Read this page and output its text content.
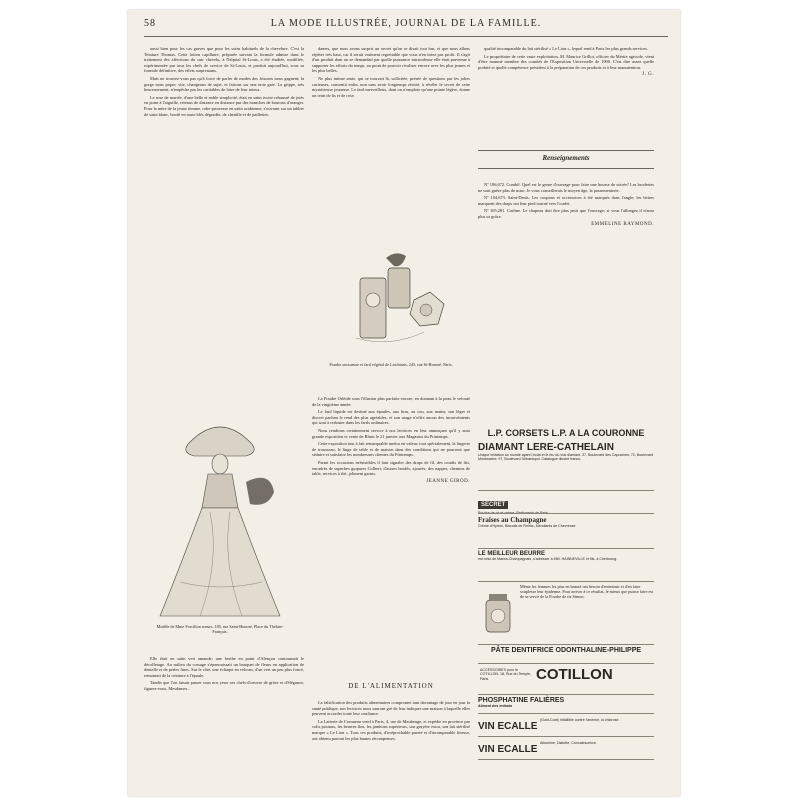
58	LA MODE ILLUSTRÉE, JOURNAL DE LA FAMILLE.

aussi bien pour les cas graves que pour les soins habituels de la chevelure. C'est la Teinture Thomas. Cette lotion capillaire, préparée suivant la formule admise dans le traitement des affections du cuir chevelu, à l'hôpital St-Louis, a été étudiée, modifiée, expérimentée par tous les chefs de service de St-Louis, et produit aujourd'hui, sous sa formule définitive, des effets surprenants.

Mais ne trouvez-vous pas qu'à force de parler de modes des frissons nous gagnent; la gorge nous pique; vite, changeons de sujet, et faisons sur une note gaie. La grippe, très heureusement, n'empêche pas les caritables de faire de leur mieux.

Le rose de mariée, d'une belle et noble simplicité, était en satin ivoire rehaussé de jetés en point à l'aiguille, retenus de distance en distance par des branches de boutons d'oranger. Pour la mère de la jeune femme, robe-princesse en satin acabienne, s'ouvrant sur un tablier de satin blanc, brodé en toute blés dégradés, de chenille et de paillettes.

Modèle de Mme Forcillon soeurs, 185, rue Saint-Honoré, Place du Théâtre-Français.

Elle était en satin vert amande; une berthe en point d'Alençon contournait le décolletage. Au milieu du corsage s'épanouissait un bouquet de fleurs en application de dentelle et de perles fines. Sur le côté, une écharpe en velours, d'un vert un peu plus foncé, remontait de la ceinture à l'épaule.

Tandis que l'on faisait passer sous nos yeux ces chefs-d'oeuvre de grâce et d'élégance, figurez-vous, Mesdames...

dames, que nous avons surpris un secret qu'on se disait tout bas, et que nous allons répéter très haut, car il serait vraiment regrettable que vous n'en tiriez pas profit. Il s'agit d'un produit dont on se demandait par quelle puissance miraculeuse elle était parvenue à supporter les efforts du temps, au point de pouvoir rivaliser encore avec les plus jeunes et les plus belles.

Ne plus intime amie, qui se trouvait là, sollicitée, présée de questions par les jolies curieuses, consentit enfin, non sans avoir longtemps résisté, à révéler le secret de cette mystérieuse jeunesse. Le fard merveilleux, dont on n'emploie qu'une pointe légère, donne un teint de lis et de rose.

Poudre onctueuse et fard végétal de Leichtarts, 245, rue St-Honoré. Paris.

La Poudre Orléide sous l'illusion plus parfaite encore, en donnant à la peau le velouté de la vingtième année.

Le fard liquide est destiné aux épaules, aux bras, au cou, aux mains; son léger et discret parfum le rend des plus agréables, et son usage n'offre aucun des inconvénients qui sont à redouter dans les fards ordinaires.

Nous rendrons certainement service à nos lectrices en leur annonçant qu'il y aura grande exposition et vente de Blanc le 21 janvier aux Magasins du Printemps.

Cette exposition tout à fait remarquable mettra en valeur, tout spécialement, la lingerie de trousseau, le linge de table et de maison dans des conditions qui ne pourront que séduire et satisfaire les nombreuses clientes du Printemps.

Parmi les occasions irrésistibles il faut signaler des draps de fil, des coutils de lits, encadrés de superbes guipures Colbert; d'autres brodés, ajourés; des nappes, chemins de table, services à thé, joliment garnis.

JEANNE GIROD.
DE L'ALIMENTATION

La falsification des produits alimentaires compromet tant davantage de jour en jour la santé publique, nos lectrices nous sauront gré de leur indiquer une maison à laquelle elles peuvent accorder toute leur confiance.

La Laiterie de Cornueau vend à Paris, 4, rue de Maubeuge, et expédie en province par colis postaux, les beurres fins, les jambons supérieurs, son gruyère extra, son lait stérilisé marque « Le Lion ». Tous ces produits, d'irréprochable pureté et d'incomparable finesse, ont obtenu partout les plus hautes récompenses.

qualité incomparable du lait stérilisé « Le Lion », lequel rend à Paris les plus grands services.

Le propriétaire de cette vaste exploitation, M. Maurice Grillot, officier du Mérite agricole, vient d'être nommé membre des comités de l'Exposition Universelle de 1900. C'est dire assez quelle probité et quelle compétence président à la préparation de ces produits et à leur manutention.

J. G.
Renseignements

Nº 106,672. Combil. Quel est le genre d'ouvrage pour faire une bourse de soirée? Les broderies ne sont guère plus de mise. Je vous conseillerais le moyen âge, la passementerie.

Nº 104,673. Saint-Denis. Les coupons et accessoires à été marqués dans l'angle; les lettres marquent des draps ont leur pied tourné vers l'ourlet.

Nº 105,281. Carline. Le chapeau doit être plus petit que l'ouvrage; si vous l'allongez il n'aura plus sa grâce.

EMMELINE RAYMOND.
L.P. CORSETS L.P. A LA COURONNE
DIAMANT LERE-CATHELAIN
Unique imitation au monde ayant l'éclat et le feu du vrai diamant. 37, Boulevard des Capucines; 72, Boulevard Montmartre; 97, Boulevard Sébastopol. Catalogue illustré franco.
SECRET
Poudre de riz et crème. Parfumerie de Paris.
Fraises au Champagne
Crème d'Hyrem, Biscuits de Reims, Mendiants de Chevreuse.
LE MEILLEUR BEURRE
est celui de Marcis-Champagnais, s'adresser à MM. HAINNEVILLE et fils, à Cherbourg.
Même les femmes les plus en beauté ont besoin d'entretenir et d'en faire souplesse leur épiderme. Pour arriver à ce résultat, le mieux que puisse faire est de se servir de la Poudre de riz Simon.
PÂTE DENTIFRICE ODONTHALINE-PHILIPPE
ACCESSOIRES pour le COTILLON. 18, Rue du Temple, Paris.	COTILLON
PHOSPHATINE FALIÈRES
Aliment des enfants
VIN ECALLE
(Gold-Coat) Infaillible contre l'anémie, la chlorose.
VIN ECALLE
Albumine, Diabète, Convalescence.
